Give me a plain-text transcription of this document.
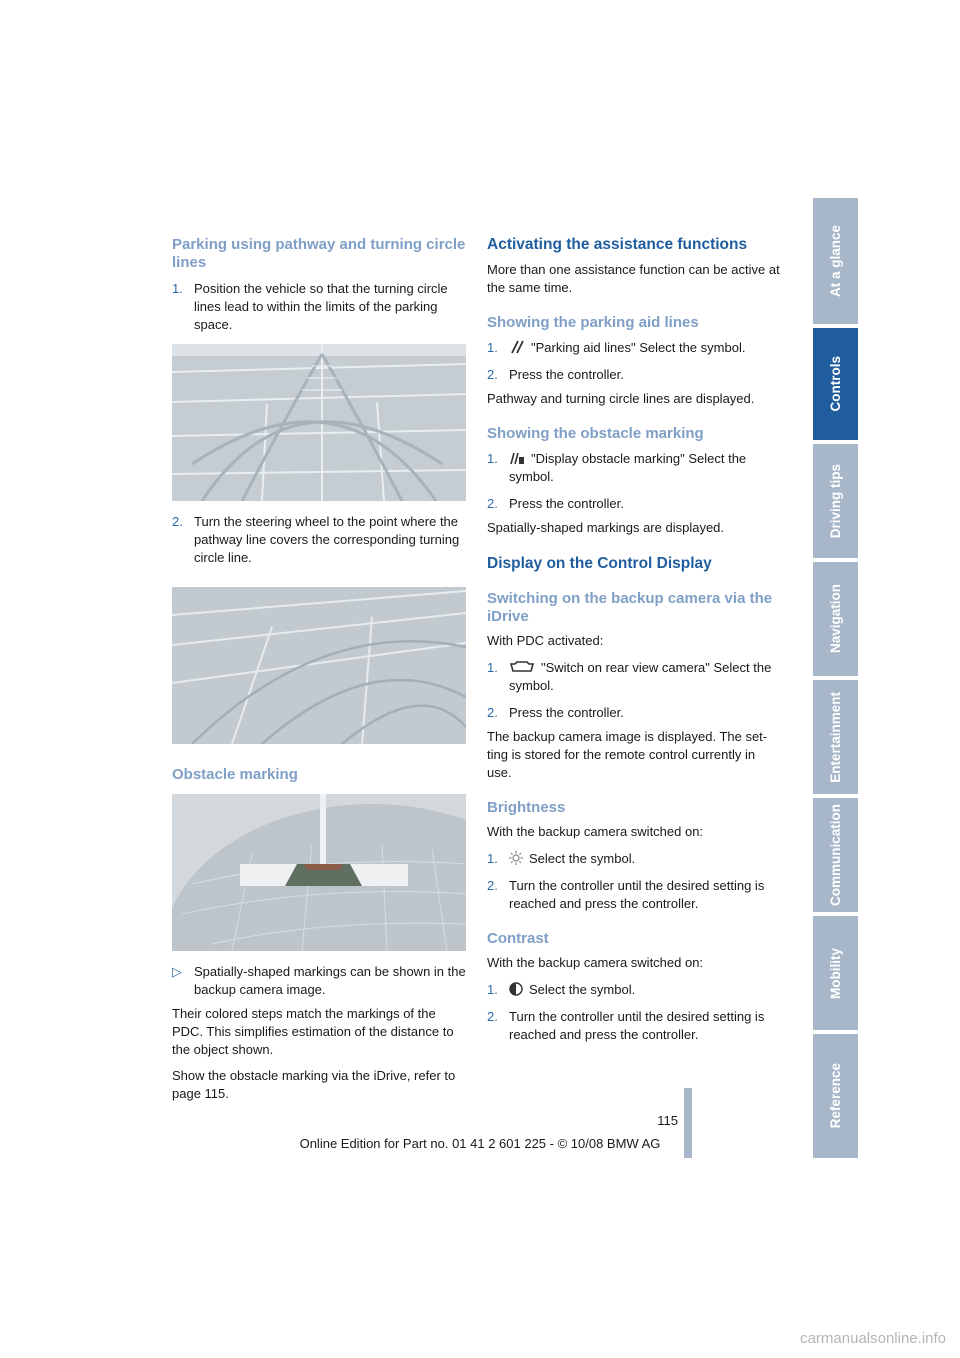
Parking using pathway and turning circle lines
1. Position the vehicle so that the turning circle lines lead to within the limits of the parking space.
2. Turn the steering wheel to the point where the pathway line covers the corresponding turning circle line.
Obstacle marking
▷ Spatially-shaped markings can be shown in the backup camera image.

Their colored steps match the markings of the PDC. This simplifies estimation of the distance to the object shown.

Show the obstacle marking via the iDrive, refer to page 115.

Activating the assistance functions

More than one assistance function can be active at the same time.

Showing the parking aid lines
1.	"Parking aid lines" Select the symbol.
2. Press the controller.

Pathway and turning circle lines are displayed.

Showing the obstacle marking
1.	"Display obstacle marking" Select the symbol.
2. Press the controller.

Spatially-shaped markings are displayed.

Display on the Control Display
Switching on the backup camera via the iDrive

With PDC activated:

1.	"Switch on rear view camera" Select the symbol.
2. Press the controller.

The backup camera image is displayed. The set-ting is stored for the remote control currently in use.

Brightness

With the backup camera switched on:

1. Select the symbol.
2. Turn the controller until the desired setting is reached and press the controller.
Contrast

With the backup camera switched on:

1. Select the symbol.
2. Turn the controller until the desired setting is reached and press the controller.
At a glance
Controls
Driving tips
Navigation
Entertainment
Communication
Mobility
Reference
115
Online Edition for Part no. 01 41 2 601 225 - © 10/08 BMW AG
carmanualsonline.info
